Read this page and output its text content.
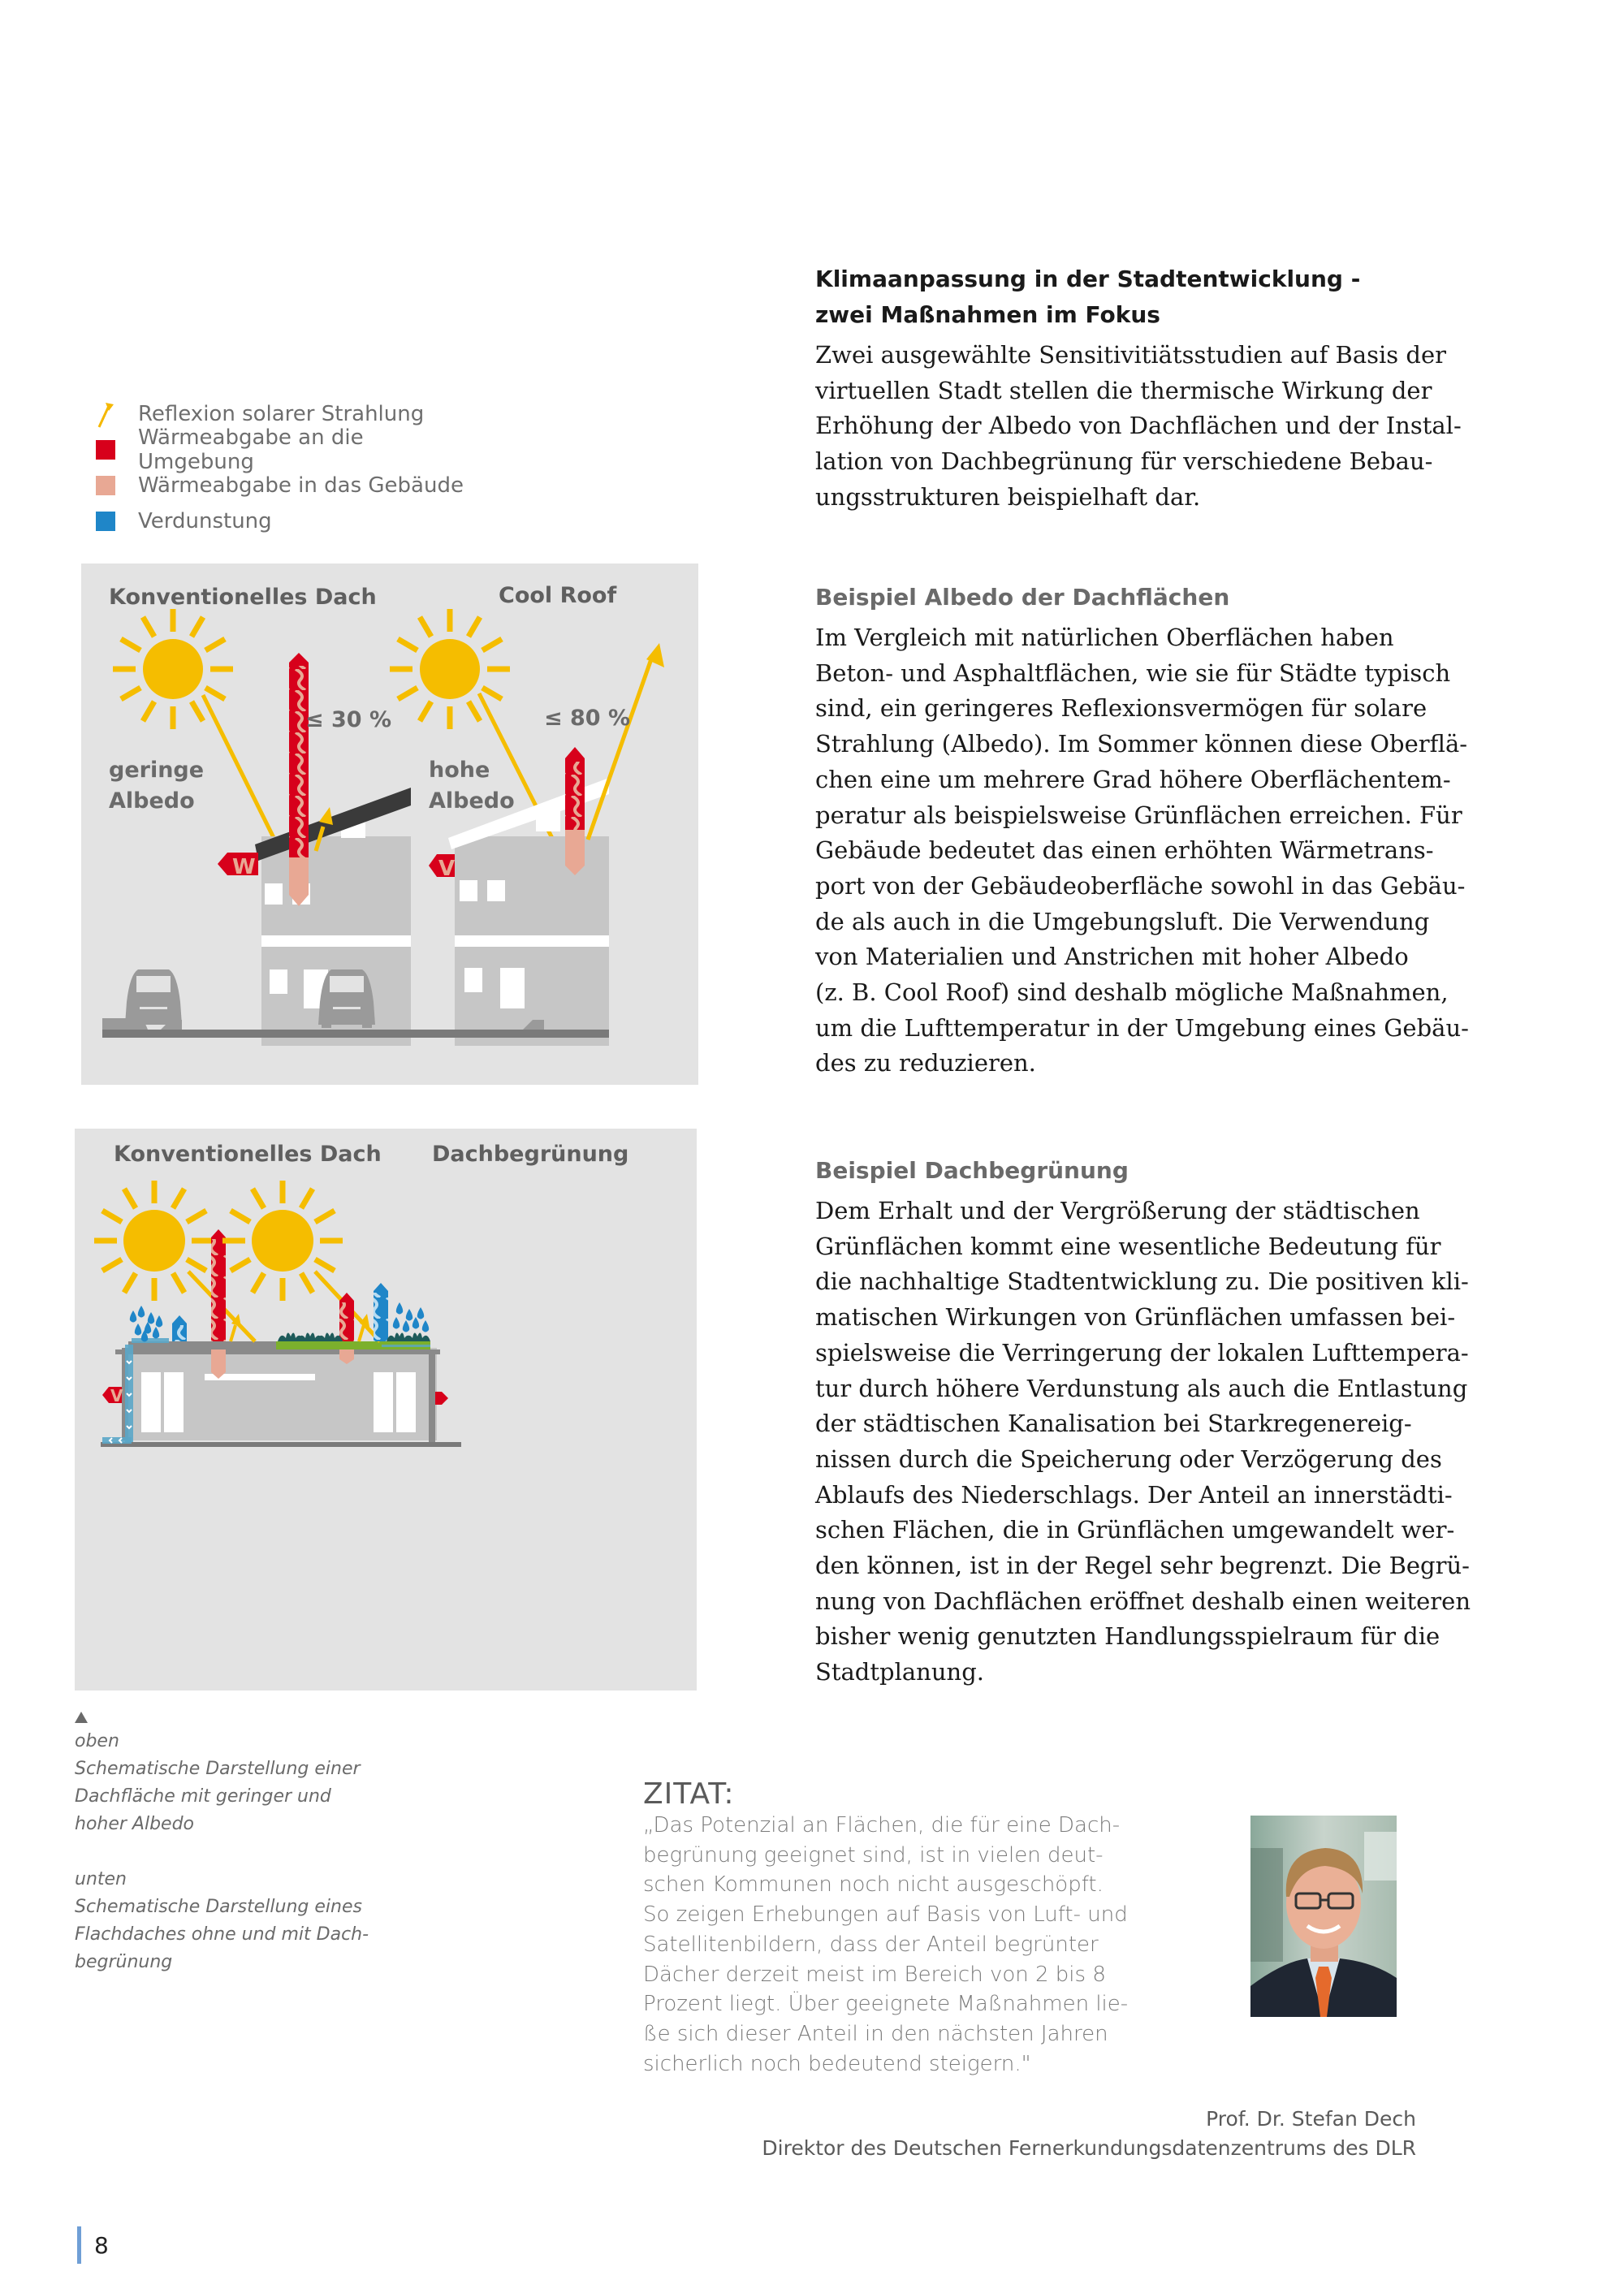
Reflexion solarer Strahlung
Wärmeabgabe an die Umgebung
Wärmeabgabe in das Gebäude
Verdunstung
W	V
Konventionelles Dach	Cool Roof
geringe
Albedo
hohe
Albedo
≤ 30 %	≤ 80 %
V
Konventionelles Dach Dachbegrünung
Klimaanpassung in der Stadtentwicklung -
zwei Maßnahmen im Fokus

Zwei ausgewählte Sensitivitiätsstudien auf Basis der
virtuellen Stadt stellen die thermische Wirkung der
Erhöhung der Albedo von Dachflächen und der Instal-
lation von Dachbegrünung für verschiedene Bebau-
ungsstrukturen beispielhaft dar.

Beispiel Albedo der Dachflächen

Im Vergleich mit natürlichen Oberflächen haben
Beton- und Asphaltflächen, wie sie für Städte typisch
sind, ein geringeres Reflexionsvermögen für solare
Strahlung (Albedo). Im Sommer können diese Oberflä-
chen eine um mehrere Grad höhere Oberflächentem-
peratur als beispielsweise Grünflächen erreichen. Für
Gebäude bedeutet das einen erhöhten Wärmetrans-
port von der Gebäudeoberfläche sowohl in das Gebäu-
de als auch in die Umgebungsluft. Die Verwendung
von Materialien und Anstrichen mit hoher Albedo
(z. B. Cool Roof) sind deshalb mögliche Maßnahmen,
um die Lufttemperatur in der Umgebung eines Gebäu-
des zu reduzieren.

Beispiel Dachbegrünung

Dem Erhalt und der Vergrößerung der städtischen
Grünflächen kommt eine wesentliche Bedeutung für
die nachhaltige Stadtentwicklung zu. Die positiven kli-
matischen Wirkungen von Grünflächen umfassen bei-
spielsweise die Verringerung der lokalen Lufttempera-
tur durch höhere Verdunstung als auch die Entlastung
der städtischen Kanalisation bei Starkregenereig-
nissen durch die Speicherung oder Verzögerung des
Ablaufs des Niederschlags. Der Anteil an innerstädti-
schen Flächen, die in Grünflächen umgewandelt wer-
den können, ist in der Regel sehr begrenzt. Die Begrü-
nung von Dachflächen eröffnet deshalb einen weiteren
bisher wenig genutzten Handlungsspielraum für die
Stadtplanung.

oben
Schematische Darstellung einer
Dachfläche mit geringer und
hoher Albedo
unten
Schematische Darstellung eines
Flachdaches ohne und mit Dach-
begrünung
ZITAT:
„Das Potenzial an Flächen, die für eine Dach-
begrünung geeignet sind, ist in vielen deut-
schen Kommunen noch nicht ausgeschöpft.
So zeigen Erhebungen auf Basis von Luft- und
Satellitenbildern, dass der Anteil begrünter
Dächer derzeit meist im Bereich von 2 bis 8
Prozent liegt. Über geeignete Maßnahmen lie-
ße sich dieser Anteil in den nächsten Jahren
sicherlich noch bedeutend steigern."
Prof. Dr. Stefan Dech
Direktor des Deutschen Fernerkundungsdatenzentrums des DLR
8
